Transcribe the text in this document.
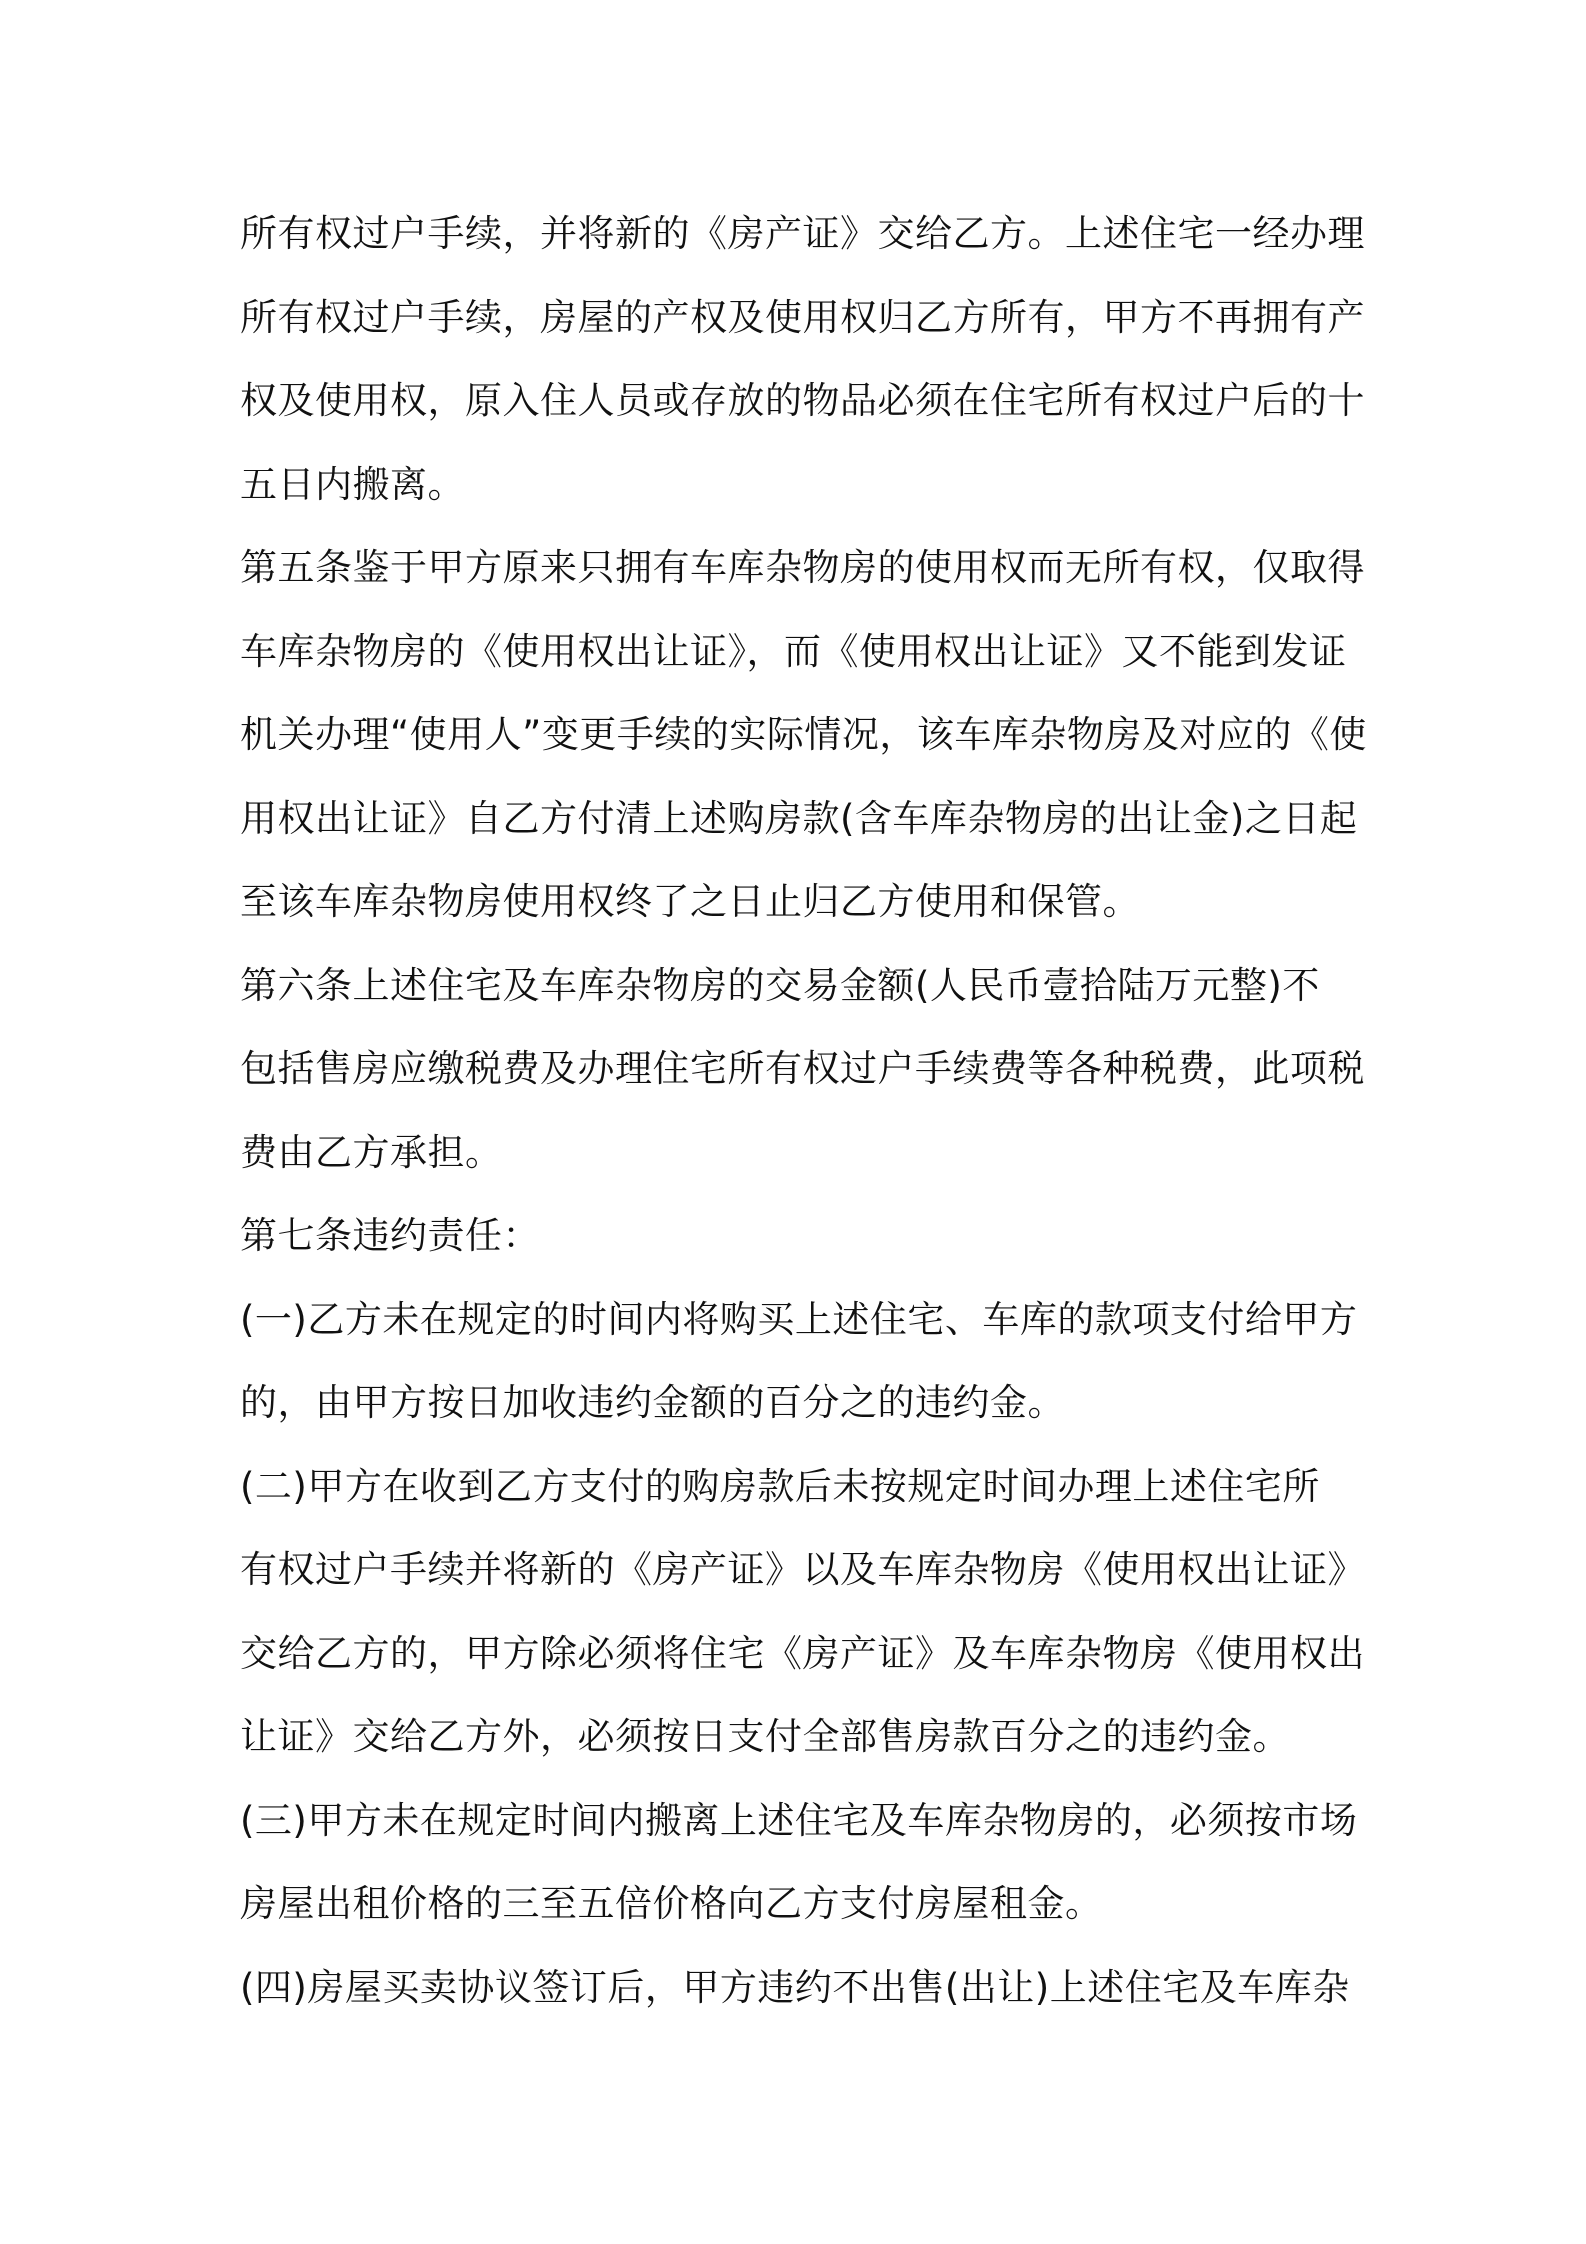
所有权过户手续，并将新的《房产证》交给乙方。上述住宅一经办理
所有权过户手续，房屋的产权及使用权归乙方所有，甲方不再拥有产
权及使用权，原入住人员或存放的物品必须在住宅所有权过户后的十
五日内搬离。
第五条鉴于甲方原来只拥有车库杂物房的使用权而无所有权，仅取得
车库杂物房的《使用权出让证》，而《使用权出让证》又不能到发证
机关办理“使用人”变更手续的实际情况，该车库杂物房及对应的《使
用权出让证》自乙方付清上述购房款(含车库杂物房的出让金)之日起
至该车库杂物房使用权终了之日止归乙方使用和保管。
第六条上述住宅及车库杂物房的交易金额(人民币壹拾陆万元整)不
包括售房应缴税费及办理住宅所有权过户手续费等各种税费，此项税
费由乙方承担。
第七条违约责任：
(一)乙方未在规定的时间内将购买上述住宅、车库的款项支付给甲方
的，由甲方按日加收违约金额的百分之的违约金。
(二)甲方在收到乙方支付的购房款后未按规定时间办理上述住宅所
有权过户手续并将新的《房产证》以及车库杂物房《使用权出让证》
交给乙方的，甲方除必须将住宅《房产证》及车库杂物房《使用权出
让证》交给乙方外，必须按日支付全部售房款百分之的违约金。
(三)甲方未在规定时间内搬离上述住宅及车库杂物房的，必须按市场
房屋出租价格的三至五倍价格向乙方支付房屋租金。
(四)房屋买卖协议签订后，甲方违约不出售(出让)上述住宅及车库杂
